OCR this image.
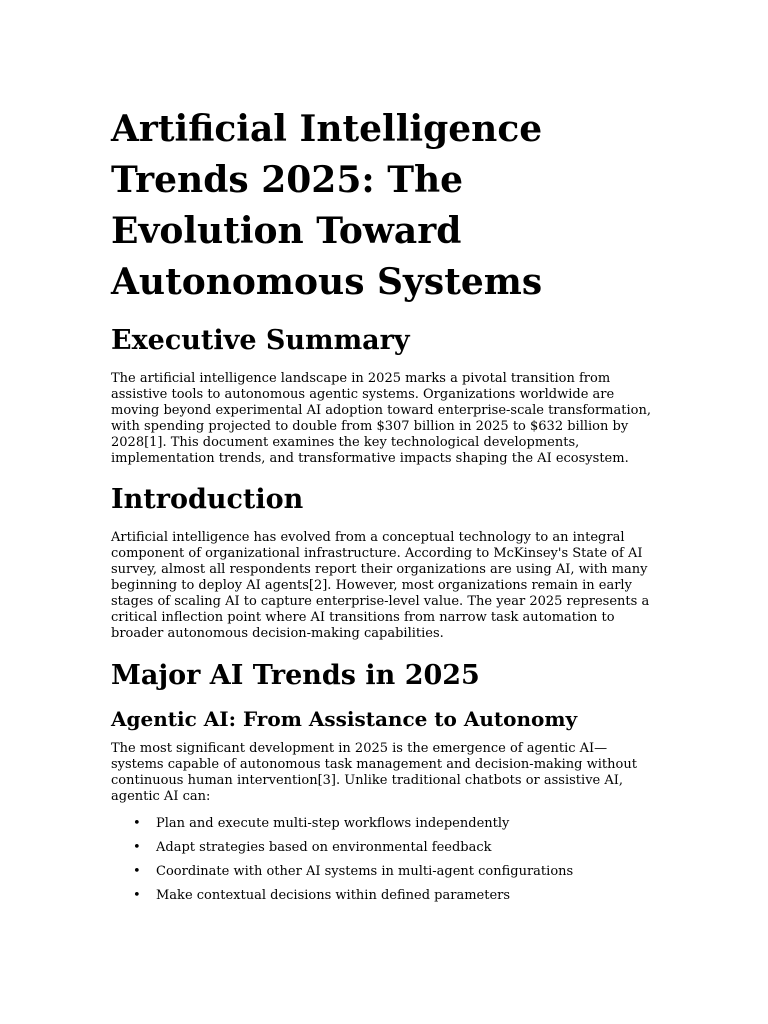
Artificial Intelligence Trends 2025: The Evolution Toward Autonomous Systems
Executive Summary

The artificial intelligence landscape in 2025 marks a pivotal transition from assistive tools to autonomous agentic systems. Organizations worldwide are moving beyond experimental AI adoption toward enterprise-scale transformation, with spending projected to double from $307 billion in 2025 to $632 billion by 2028[1]. This document examines the key technological developments, implementation trends, and transformative impacts shaping the AI ecosystem.

Introduction

Artificial intelligence has evolved from a conceptual technology to an integral component of organizational infrastructure. According to McKinsey's State of AI survey, almost all respondents report their organizations are using AI, with many beginning to deploy AI agents[2]. However, most organizations remain in early stages of scaling AI to capture enterprise-level value. The year 2025 represents a critical inflection point where AI transitions from narrow task automation to broader autonomous decision-making capabilities.

Major AI Trends in 2025
Agentic AI: From Assistance to Autonomy

The most significant development in 2025 is the emergence of agentic AI—systems capable of autonomous task management and decision-making without continuous human intervention[3]. Unlike traditional chatbots or assistive AI, agentic AI can:

• Plan and execute multi-step workflows independently
• Adapt strategies based on environmental feedback
• Coordinate with other AI systems in multi-agent configurations
• Make contextual decisions within defined parameters
